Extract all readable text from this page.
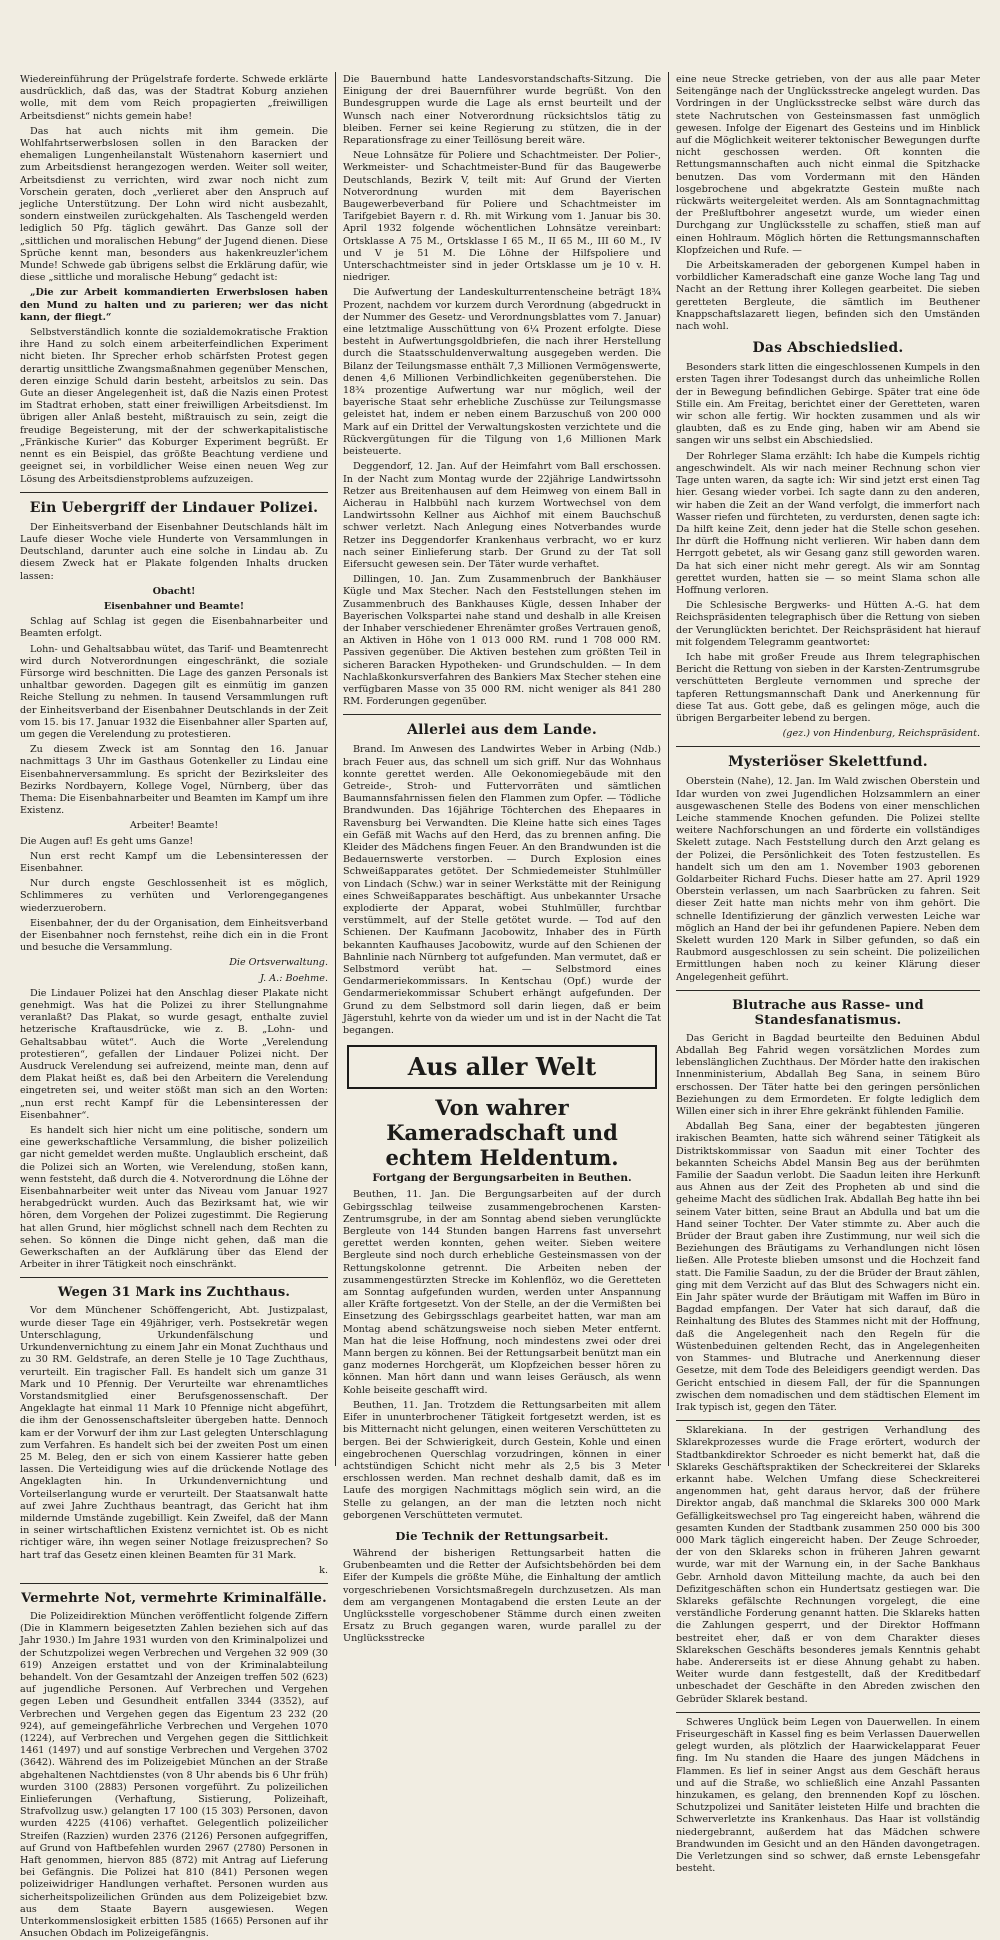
Wiedereinführung der Prügelstrafe forderte. Schwede erklärte ausdrücklich, daß das, was der Stadtrat Koburg anziehen wolle, mit dem vom Reich propagierten „freiwilligen Arbeitsdienst“ nichts gemein habe!

Das hat auch nichts mit ihm gemein. Die Wohlfahrtserwerbslosen sollen in den Baracken der ehemaligen Lungenheilanstalt Wüstenahorn kaserniert und zum Arbeitsdienst herangezogen werden. Weiter soll weiter, Arbeitsdienst zu verrichten, wird zwar noch nicht zum Vorschein geraten, doch „verlieret aber den Anspruch auf jegliche Unterstützung. Der Lohn wird nicht ausbezahlt, sondern einstweilen zurückgehalten. Als Taschengeld werden lediglich 50 Pfg. täglich gewährt. Das Ganze soll der „sittlichen und moralischen Hebung“ der Jugend dienen. Diese Sprüche kennt man, besonders aus hakenkreuzler'ichem Munde! Schwede gab übrigens selbst die Erklärung dafür, wie diese „sittliche und moralische Hebung“ gedacht ist:

„Die zur Arbeit kommandierten Erwerbslosen haben den Mund zu halten und zu parieren; wer das nicht kann, der fliegt.“

Selbstverständlich konnte die sozialdemokratische Fraktion ihre Hand zu solch einem arbeiterfeindlichen Experiment nicht bieten. Ihr Sprecher erhob schärfsten Protest gegen derartig unsittliche Zwangsmaßnahmen gegenüber Menschen, deren einzige Schuld darin besteht, arbeitslos zu sein. Das Gute an dieser Angelegenheit ist, daß die Nazis einen Protest im Stadtrat erhoben, statt einer freiwilligen Arbeitsdienst. Im übrigen aller Anlaß besteht, mißtrauisch zu sein, zeigt die freudige Begeisterung, mit der der schwerkapitalistische „Fränkische Kurier“ das Koburger Experiment begrüßt. Er nennt es ein Beispiel, das größte Beachtung verdiene und geeignet sei, in vorbildlicher Weise einen neuen Weg zur Lösung des Arbeitsdienstproblems aufzuzeigen.

Ein Uebergriff der Lindauer Polizei.

Der Einheitsverband der Eisenbahner Deutschlands hält im Laufe dieser Woche viele Hunderte von Versammlungen in Deutschland, darunter auch eine solche in Lindau ab. Zu diesem Zweck hat er Plakate folgenden Inhalts drucken lassen:

Obacht!

Eisenbahner und Beamte!

Schlag auf Schlag ist gegen die Eisenbahnarbeiter und Beamten erfolgt.

Lohn- und Gehaltsabbau wütet, das Tarif- und Beamtenrecht wird durch Notverordnungen eingeschränkt, die soziale Fürsorge wird beschnitten. Die Lage des ganzen Personals ist unhaltbar geworden. Dagegen gilt es einmütig im ganzen Reiche Stellung zu nehmen. In tausend Versammlungen ruft der Einheitsverband der Eisenbahner Deutschlands in der Zeit vom 15. bis 17. Januar 1932 die Eisenbahner aller Sparten auf, um gegen die Verelendung zu protestieren.

Zu diesem Zweck ist am Sonntag den 16. Januar nachmittags 3 Uhr im Gasthaus Gotenkeller zu Lindau eine Eisenbahnerversammlung. Es spricht der Bezirksleiter des Bezirks Nordbayern, Kollege Vogel, Nürnberg, über das Thema: Die Eisenbahnarbeiter und Beamten im Kampf um ihre Existenz.

Arbeiter! Beamte!

Die Augen auf! Es geht ums Ganze!

Nun erst recht Kampf um die Lebensinteressen der Eisenbahner.

Nur durch engste Geschlossenheit ist es möglich, Schlimmeres zu verhüten und Verlorengegangenes wiederzuerobern.

Eisenbahner, der du der Organisation, dem Einheitsverband der Eisenbahner noch fernstehst, reihe dich ein in die Front und besuche die Versammlung.

Die Ortsverwaltung.

J. A.: Boehme.

Die Lindauer Polizei hat den Anschlag dieser Plakate nicht genehmigt. Was hat die Polizei zu ihrer Stellungnahme veranlaßt? Das Plakat, so wurde gesagt, enthalte zuviel hetzerische Kraftausdrücke, wie z. B. „Lohn- und Gehaltsabbau wütet“. Auch die Worte „Verelendung protestieren“, gefallen der Lindauer Polizei nicht. Der Ausdruck Verelendung sei aufreizend, meinte man, denn auf dem Plakat heißt es, daß bei den Arbeitern die Verelendung eingetreten sei, und weiter stößt man sich an den Worten: „nun erst recht Kampf für die Lebensinteressen der Eisenbahner“.

Es handelt sich hier nicht um eine politische, sondern um eine gewerkschaftliche Versammlung, die bisher polizeilich gar nicht gemeldet werden mußte. Unglaublich erscheint, daß die Polizei sich an Worten, wie Verelendung, stoßen kann, wenn feststeht, daß durch die 4. Notverordnung die Löhne der Eisenbahnarbeiter weit unter das Niveau vom Januar 1927 herabgedrückt wurden. Auch das Bezirksamt hat, wie wir hören, dem Vorgehen der Polizei zugestimmt. Die Regierung hat allen Grund, hier möglichst schnell nach dem Rechten zu sehen. So können die Dinge nicht gehen, daß man die Gewerkschaften an der Aufklärung über das Elend der Arbeiter in ihrer Tätigkeit noch einschränkt.

Wegen 31 Mark ins Zuchthaus.

Vor dem Münchener Schöffengericht, Abt. Justizpalast, wurde dieser Tage ein 49jähriger, verh. Postsekretär wegen Unterschlagung, Urkundenfälschung und Urkundenvernichtung zu einem Jahr ein Monat Zuchthaus und zu 30 RM. Geldstrafe, an deren Stelle je 10 Tage Zuchthaus, verurteilt. Ein tragischer Fall. Es handelt sich um ganze 31 Mark und 10 Pfennig. Der Verurteilte war ehrenamtliches Vorstandsmitglied einer Berufsgenossenschaft. Der Angeklagte hat einmal 11 Mark 10 Pfennige nicht abgeführt, die ihm der Genossenschaftsleiter übergeben hatte. Dennoch kam er der Vorwurf der ihm zur Last gelegten Unterschlagung zum Verfahren. Es handelt sich bei der zweiten Post um einen 25 M. Beleg, den er sich von einem Kassierer hatte geben lassen. Die Verteidigung wies auf die drückende Notlage des Angeklagten hin. In Urkundenvernichtung und Vorteilserlangung wurde er verurteilt. Der Staatsanwalt hatte auf zwei Jahre Zuchthaus beantragt, das Gericht hat ihm mildernde Umstände zugebilligt. Kein Zweifel, daß der Mann in seiner wirtschaftlichen Existenz vernichtet ist. Ob es nicht richtiger wäre, ihn wegen seiner Notlage freizusprechen? So hart traf das Gesetz einen kleinen Beamten für 31 Mark.

k.

Vermehrte Not, vermehrte Kriminalfälle.

Die Polizeidirektion München veröffentlicht folgende Ziffern (Die in Klammern beigesetzten Zahlen beziehen sich auf das Jahr 1930.) Im Jahre 1931 wurden von den Kriminalpolizei und der Schutzpolizei wegen Verbrechen und Vergehen 32 909 (30 619) Anzeigen erstattet und von der Kriminalabteilung behandelt. Von der Gesamtzahl der Anzeigen treffen 502 (623) auf jugendliche Personen. Auf Verbrechen und Vergehen gegen Leben und Gesundheit entfallen 3344 (3352), auf Verbrechen und Vergehen gegen das Eigentum 23 232 (20 924), auf gemeingefährliche Verbrechen und Vergehen 1070 (1224), auf Verbrechen und Vergehen gegen die Sittlichkeit 1461 (1497) und auf sonstige Verbrechen und Vergehen 3702 (3642). Während des im Polizeigebiet München an der Straße abgehaltenen Nachtdienstes (von 8 Uhr abends bis 6 Uhr früh) wurden 3100 (2883) Personen vorgeführt. Zu polizeilichen Einlieferungen (Verhaftung, Sistierung, Polizeihaft, Strafvollzug usw.) gelangten 17 100 (15 303) Personen, davon wurden 4225 (4106) verhaftet. Gelegentlich polizeilicher Streifen (Razzien) wurden 2376 (2126) Personen aufgegriffen, auf Grund von Haftbefehlen wurden 2967 (2780) Personen in Haft genommen, hiervon 885 (872) mit Antrag auf Lieferung bei Gefängnis. Die Polizei hat 810 (841) Personen wegen polizeiwidriger Handlungen verhaftet. Personen wurden aus sicherheitspolizeilichen Gründen aus dem Polizeigebiet bzw. aus dem Staate Bayern ausgewiesen. Wegen Unterkommenslosigkeit erbitten 1585 (1665) Personen auf ihr Ansuchen Obdach im Polizeigefängnis.

Die Bauernbund hatte Landesvorstandschafts-Sitzung. Die Einigung der drei Bauernführer wurde begrüßt. Von den Bundesgruppen wurde die Lage als ernst beurteilt und der Wunsch nach einer Notverordnung rücksichtslos tätig zu bleiben. Ferner sei keine Regierung zu stützen, die in der Reparationsfrage zu einer Teillösung bereit wäre.

Neue Lohnsätze für Poliere und Schachtmeister. Der Polier-, Werkmeister- und Schachtmeister-Bund für das Baugewerbe Deutschlands, Bezirk V, teilt mit: Auf Grund der Vierten Notverordnung wurden mit dem Bayerischen Baugewerbeverband für Poliere und Schachtmeister im Tarifgebiet Bayern r. d. Rh. mit Wirkung vom 1. Januar bis 30. April 1932 folgende wöchentlichen Lohnsätze vereinbart: Ortsklasse A 75 M., Ortsklasse I 65 M., II 65 M., III 60 M., IV und V je 51 M. Die Löhne der Hilfspoliere und Unterschachtmeister sind in jeder Ortsklasse um je 10 v. H. niedriger.

Die Aufwertung der Landeskulturrentenscheine beträgt 18¾ Prozent, nachdem vor kurzem durch Verordnung (abgedruckt in der Nummer des Gesetz- und Verordnungsblattes vom 7. Januar) eine letztmalige Ausschüttung von 6¼ Prozent erfolgte. Diese besteht in Aufwertungsgoldbriefen, die nach ihrer Herstellung durch die Staatsschuldenverwaltung ausgegeben werden. Die Bilanz der Teilungsmasse enthält 7,3 Millionen Vermögenswerte, denen 4,6 Millionen Verbindlichkeiten gegenüberstehen. Die 18¾ prozentige Aufwertung war nur möglich, weil der bayerische Staat sehr erhebliche Zuschüsse zur Teilungsmasse geleistet hat, indem er neben einem Barzuschuß von 200 000 Mark auf ein Drittel der Verwaltungskosten verzichtete und die Rückvergütungen für die Tilgung von 1,6 Millionen Mark beisteuerte.

Deggendorf, 12. Jan. Auf der Heimfahrt vom Ball erschossen. In der Nacht zum Montag wurde der 22jährige Landwirtssohn Retzer aus Breitenhausen auf dem Heimweg von einem Ball in Aicherau in Halbbühl nach kurzem Wortwechsel von dem Landwirtssohn Kellner aus Aichhof mit einem Bauchschuß schwer verletzt. Nach Anlegung eines Notverbandes wurde Retzer ins Deggendorfer Krankenhaus verbracht, wo er kurz nach seiner Einlieferung starb. Der Grund zu der Tat soll Eifersucht gewesen sein. Der Täter wurde verhaftet.

Dillingen, 10. Jan. Zum Zusammenbruch der Bankhäuser Kügle und Max Stecher. Nach den Feststellungen stehen im Zusammenbruch des Bankhauses Kügle, dessen Inhaber der Bayerischen Volkspartei nahe stand und deshalb in alle Kreisen der Inhaber verschiedener Ehrenämter großes Vertrauen genoß, an Aktiven in Höhe von 1 013 000 RM. rund 1 708 000 RM. Passiven gegenüber. Die Aktiven bestehen zum größten Teil in sicheren Baracken Hypotheken- und Grundschulden. — In dem Nachlaßkonkursverfahren des Bankiers Max Stecher stehen eine verfügbaren Masse von 35 000 RM. nicht weniger als 841 280 RM. Forderungen gegenüber.

Allerlei aus dem Lande.

Brand. Im Anwesen des Landwirtes Weber in Arbing (Ndb.) brach Feuer aus, das schnell um sich griff. Nur das Wohnhaus konnte gerettet werden. Alle Oekonomiegebäude mit den Getreide-, Stroh- und Futtervorräten und sämtlichen Baumannsfahrnissen fielen den Flammen zum Opfer. — Tödliche Brandwunden. Das 16jährige Töchterchen des Ehepaares in Ravensburg bei Verwandten. Die Kleine hatte sich eines Tages ein Gefäß mit Wachs auf den Herd, das zu brennen anfing. Die Kleider des Mädchens fingen Feuer. An den Brandwunden ist die Bedauernswerte verstorben. — Durch Explosion eines Schweißapparates getötet. Der Schmiedemeister Stuhlmüller von Lindach (Schw.) war in seiner Werkstätte mit der Reinigung eines Schweißapparates beschäftigt. Aus unbekannter Ursache explodierte der Apparat, wobei Stuhlmüller, furchtbar verstümmelt, auf der Stelle getötet wurde. — Tod auf den Schienen. Der Kaufmann Jacobowitz, Inhaber des in Fürth bekannten Kaufhauses Jacobowitz, wurde auf den Schienen der Bahnlinie nach Nürnberg tot aufgefunden. Man vermutet, daß er Selbstmord verübt hat. — Selbstmord eines Gendarmeriekommissars. In Kentschau (Opf.) wurde der Gendarmeriekommissar Schubert erhängt aufgefunden. Der Grund zu dem Selbstmord soll darin liegen, daß er beim Jägerstuhl, kehrte von da wieder um und ist in der Nacht die Tat begangen.

Aus aller Welt
Von wahrer Kameradschaft und echtem Heldentum.
Fortgang der Bergungsarbeiten in Beuthen.

Beuthen, 11. Jan. Die Bergungsarbeiten auf der durch Gebirgsschlag teilweise zusammengebrochenen Karsten-Zentrumsgrube, in der am Sonntag abend sieben verunglückte Bergleute von 144 Stunden bangen Harrens fast unversehrt gerettet werden konnten, gehen weiter. Sieben weitere Bergleute sind noch durch erhebliche Gesteinsmassen von der Rettungskolonne getrennt. Die Arbeiten neben der zusammengestürzten Strecke im Kohlenflöz, wo die Geretteten am Sonntag aufgefunden wurden, werden unter Anspannung aller Kräfte fortgesetzt. Von der Stelle, an der die Vermißten bei Einsetzung des Gebirgsschlags gearbeitet hatten, war man am Montag abend schätzungsweise noch sieben Meter entfernt. Man hat die leise Hoffnung, noch mindestens zwei oder drei Mann bergen zu können. Bei der Rettungsarbeit benützt man ein ganz modernes Horchgerät, um Klopfzeichen besser hören zu können. Man hört dann und wann leises Geräusch, als wenn Kohle beiseite geschafft wird.

Beuthen, 11. Jan. Trotzdem die Rettungsarbeiten mit allem Eifer in ununterbrochener Tätigkeit fortgesetzt werden, ist es bis Mitternacht nicht gelungen, einen weiteren Verschütteten zu bergen. Bei der Schwierigkeit, durch Gestein, Kohle und einen eingebrochenen Querschlag vorzudringen, können in einer achtstündigen Schicht nicht mehr als 2,5 bis 3 Meter erschlossen werden. Man rechnet deshalb damit, daß es im Laufe des morgigen Nachmittags möglich sein wird, an die Stelle zu gelangen, an der man die letzten noch nicht geborgenen Verschütteten vermutet.

Die Technik der Rettungsarbeit.

Während der bisherigen Rettungsarbeit hatten die Grubenbeamten und die Retter der Aufsichtsbehörden bei dem Eifer der Kumpels die größte Mühe, die Einhaltung der amtlich vorgeschriebenen Vorsichtsmaßregeln durchzusetzen. Als man dem am vergangenen Montagabend die ersten Leute an der Unglücksstelle vorgeschobener Stämme durch einen zweiten Ersatz zu Bruch gegangen waren, wurde parallel zu der Unglücksstrecke

eine neue Strecke getrieben, von der aus alle paar Meter Seitengänge nach der Unglücksstrecke angelegt wurden. Das Vordringen in der Unglücksstrecke selbst wäre durch das stete Nachrutschen von Gesteinsmassen fast unmöglich gewesen. Infolge der Eigenart des Gesteins und im Hinblick auf die Möglichkeit weiterer tektonischer Bewegungen durfte nicht geschossen werden. Oft konnten die Rettungsmannschaften auch nicht einmal die Spitzhacke benutzen. Das vom Vordermann mit den Händen losgebrochene und abgekratzte Gestein mußte nach rückwärts weitergeleitet werden. Als am Sonntagnachmittag der Preßluftbohrer angesetzt wurde, um wieder einen Durchgang zur Unglücksstelle zu schaffen, stieß man auf einen Hohlraum. Möglich hörten die Rettungsmannschaften Klopfzeichen und Rufe. —

Die Arbeitskameraden der geborgenen Kumpel haben in vorbildlicher Kameradschaft eine ganze Woche lang Tag und Nacht an der Rettung ihrer Kollegen gearbeitet. Die sieben geretteten Bergleute, die sämtlich im Beuthener Knappschaftslazarett liegen, befinden sich den Umständen nach wohl.

Das Abschiedslied.

Besonders stark litten die eingeschlossenen Kumpels in den ersten Tagen ihrer Todesangst durch das unheimliche Rollen der in Bewegung befindlichen Gebirge. Später trat eine öde Stille ein. Am Freitag, berichtet einer der Geretteten, waren wir schon alle fertig. Wir hockten zusammen und als wir glaubten, daß es zu Ende ging, haben wir am Abend sie sangen wir uns selbst ein Abschiedslied.

Der Rohrleger Slama erzählt: Ich habe die Kumpels richtig angeschwindelt. Als wir nach meiner Rechnung schon vier Tage unten waren, da sagte ich: Wir sind jetzt erst einen Tag hier. Gesang wieder vorbei. Ich sagte dann zu den anderen, wir haben die Zeit an der Wand verfolgt, die immerfort nach Wasser riefen und fürchteten, zu verdursten, denen sagte ich: Da hilft keine Zeit, denn jeder hat die Stelle schon gesehen. Ihr dürft die Hoffnung nicht verlieren. Wir haben dann dem Herrgott gebetet, als wir Gesang ganz still geworden waren. Da hat sich einer nicht mehr geregt. Als wir am Sonntag gerettet wurden, hatten sie — so meint Slama schon alle Hoffnung verloren.

Die Schlesische Bergwerks- und Hütten A.-G. hat dem Reichspräsidenten telegraphisch über die Rettung von sieben der Verunglückten berichtet. Der Reichspräsident hat hierauf mit folgendem Telegramm geantwortet:

Ich habe mit großer Freude aus Ihrem telegraphischen Bericht die Rettung von sieben in der Karsten-Zentrumsgrube verschütteten Bergleute vernommen und spreche der tapferen Rettungsmannschaft Dank und Anerkennung für diese Tat aus. Gott gebe, daß es gelingen möge, auch die übrigen Bergarbeiter lebend zu bergen.

(gez.) von Hindenburg, Reichspräsident.

Mysteriöser Skelettfund.

Oberstein (Nahe), 12. Jan. Im Wald zwischen Oberstein und Idar wurden von zwei Jugendlichen Holzsammlern an einer ausgewaschenen Stelle des Bodens von einer menschlichen Leiche stammende Knochen gefunden. Die Polizei stellte weitere Nachforschungen an und förderte ein vollständiges Skelett zutage. Nach Feststellung durch den Arzt gelang es der Polizei, die Persönlichkeit des Toten festzustellen. Es handelt sich um den am 1. November 1903 geborenen Goldarbeiter Richard Fuchs. Dieser hatte am 27. April 1929 Oberstein verlassen, um nach Saarbrücken zu fahren. Seit dieser Zeit hatte man nichts mehr von ihm gehört. Die schnelle Identifizierung der gänzlich verwesten Leiche war möglich an Hand der bei ihr gefundenen Papiere. Neben dem Skelett wurden 120 Mark in Silber gefunden, so daß ein Raubmord ausgeschlossen zu sein scheint. Die polizeilichen Ermittlungen haben noch zu keiner Klärung dieser Angelegenheit geführt.

Blutrache aus Rasse- und Standesfanatismus.

Das Gericht in Bagdad beurteilte den Beduinen Abdul Abdallah Beg Fahrid wegen vorsätzlichen Mordes zum lebenslänglichen Zuchthaus. Der Mörder hatte den irakischen Innenministerium, Abdallah Beg Sana, in seinem Büro erschossen. Der Täter hatte bei den geringen persönlichen Beziehungen zu dem Ermordeten. Er folgte lediglich dem Willen einer sich in ihrer Ehre gekränkt fühlenden Familie.

Abdallah Beg Sana, einer der begabtesten jüngeren irakischen Beamten, hatte sich während seiner Tätigkeit als Distriktskommissar von Saadun mit einer Tochter des bekannten Scheichs Abdel Mansin Beg aus der berühmten Familie der Saadun verlobt. Die Saadun leiten ihre Herkunft aus Ahnen aus der Zeit des Propheten ab und sind die geheime Macht des südlichen Irak. Abdallah Beg hatte ihn bei seinem Vater bitten, seine Braut an Abdulla und bat um die Hand seiner Tochter. Der Vater stimmte zu. Aber auch die Brüder der Braut gaben ihre Zustimmung, nur weil sich die Beziehungen des Bräutigams zu Verhandlungen nicht lösen ließen. Alle Proteste blieben umsonst und die Hochzeit fand statt. Die Familie Saadun, zu der die Brüder der Braut zählen, ging mit dem Verzicht auf das Blut des Schwagers nicht ein. Ein Jahr später wurde der Bräutigam mit Waffen im Büro in Bagdad empfangen. Der Vater hat sich darauf, daß die Reinhaltung des Blutes des Stammes nicht mit der Hoffnung, daß die Angelegenheit nach den Regeln für die Wüstenbeduinen geltenden Recht, das in Angelegenheiten von Stammes- und Blutrache und Anerkennung dieser Gesetze, mit dem Tode des Beleidigers geendigt werden. Das Gericht entschied in diesem Fall, der für die Spannungen zwischen dem nomadischen und dem städtischen Element im Irak typisch ist, gegen den Täter.

Sklarekiana. In der gestrigen Verhandlung des Sklarekprozesses wurde die Frage erörtert, wodurch der Stadtbankdirektor Schroeder es nicht bemerkt hat, daß die Sklareks Geschäftspraktiken der Scheckreiterei der Sklareks erkannt habe. Welchen Umfang diese Scheckreiterei angenommen hat, geht daraus hervor, daß der frühere Direktor angab, daß manchmal die Sklareks 300 000 Mark Gefälligkeitswechsel pro Tag eingereicht haben, während die gesamten Kunden der Stadtbank zusammen 250 000 bis 300 000 Mark täglich eingereicht haben. Der Zeuge Schroeder, der von den Sklareks schon in früheren Jahren gewarnt wurde, war mit der Warnung ein, in der Sache Bankhaus Gebr. Arnhold davon Mitteilung machte, da auch bei den Defizitgeschäften schon ein Hundertsatz gestiegen war. Die Sklareks gefälschte Rechnungen vorgelegt, die eine verständliche Forderung genannt hatten. Die Sklareks hatten die Zahlungen gesperrt, und der Direktor Hoffmann bestreitet eher, daß er von dem Charakter dieses Sklarekschen Geschäfts besonderes jemals Kenntnis gehabt habe. Andererseits ist er diese Ahnung gehabt zu haben. Weiter wurde dann festgestellt, daß der Kreditbedarf unbeschadet der Geschäfte in den Abreden zwischen den Gebrüder Sklarek bestand.

Schweres Unglück beim Legen von Dauerwellen. In einem Friseurgeschäft in Kassel fing es beim Verlassen Dauerwellen gelegt wurden, als plötzlich der Haarwickelapparat Feuer fing. Im Nu standen die Haare des jungen Mädchens in Flammen. Es lief in seiner Angst aus dem Geschäft heraus und auf die Straße, wo schließlich eine Anzahl Passanten hinzukamen, es gelang, den brennenden Kopf zu löschen. Schutzpolizei und Sanitäter leisteten Hilfe und brachten die Schwerverletzte ins Krankenhaus. Das Haar ist vollständig niedergebrannt, außerdem hat das Mädchen schwere Brandwunden im Gesicht und an den Händen davongetragen. Die Verletzungen sind so schwer, daß ernste Lebensgefahr besteht.
